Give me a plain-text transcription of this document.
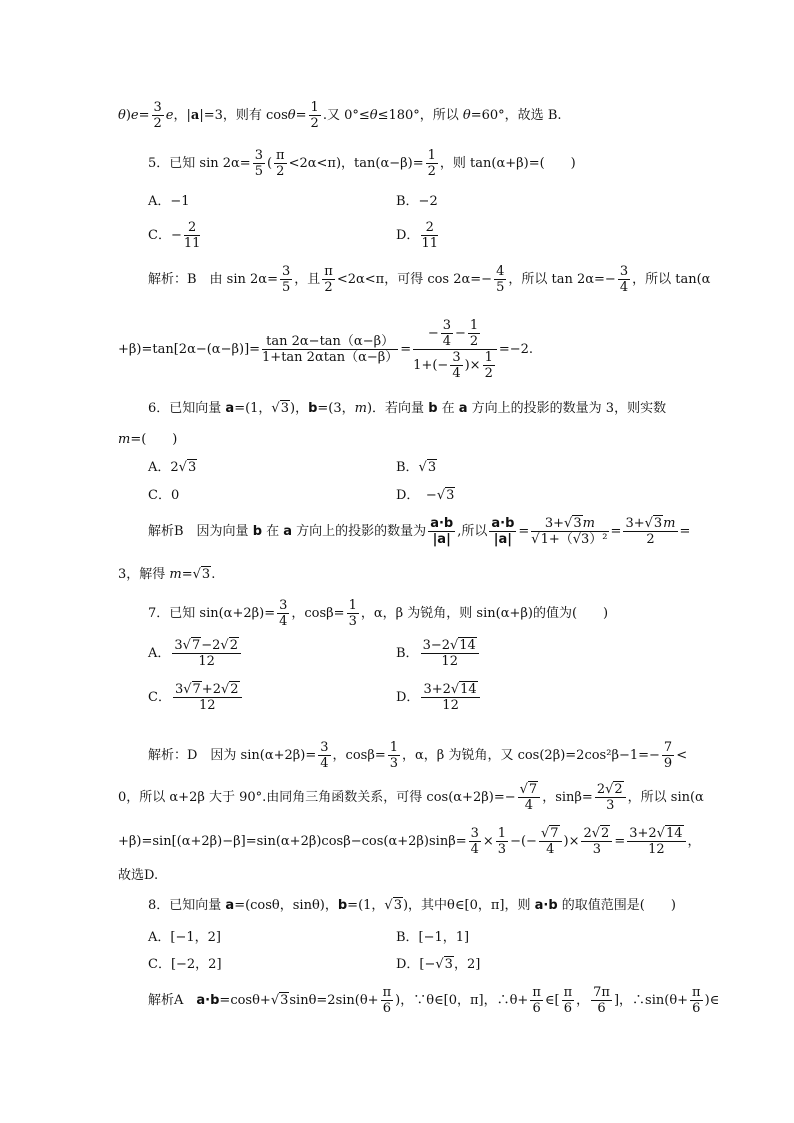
$\theta)e= \frac{3}{2}$ e，|a|=3，则有 $\cos\theta= \frac{1}{2}$ .又 0°≤θ≤180°，所以 θ=60°，故选 B.
5．已知 $\sin 2\alpha= \frac{3}{5}$ ( $\frac{\pi}{2} <2\alpha<\pi$)，$\tan(\alpha-\beta)= \frac{1}{2}$ ，则 tan(α+β)=(　　)
A．−1	B．−2
C．− $\frac{2}{11}$	D． $\frac{2}{11}$
解析：B　由 $\sin 2\alpha= \frac{3}{5}$ ，且 $\frac{\pi}{2} <2\alpha<\pi$，可得 $\cos 2\alpha=- \frac{4}{5}$ ，所以 $\tan 2\alpha=- \frac{3}{4}$ ，所以 tan(α
$+\beta)=\tan[2\alpha-(\alpha-\beta)]= \frac{\tan 2\alpha-\tan(\alpha-\beta)}{1+\tan 2\alpha\tan(\alpha-\beta)} = \frac{- \frac{3}{4} - \frac{1}{2}}{1+(- \frac{3}{4} )\times \frac{1}{2}} =-2$.
6．已知向量 a=(1，√3)，b=(3，m)．若向量 b 在 a 方向上的投影的数量为 3，则实数
m=(　　)
A．2√3	B．√3
C．0	D．　−√3
解析B　因为向量 b 在 a 方向上的投影的数量为 $\frac{a\cdot b}{|a|}$ ,所以 $\frac{a\cdot b}{|a|} = \frac{3+√3m}{\text{√1+（√3）²}} = \frac{3+√3m}{2}$ =
3，解得 m=√3.
7．已知 $\sin(\alpha+2\beta)= \frac{3}{4}$ ，$\cos\beta= \frac{1}{3}$ ，α，β 为锐角，则 sin(α+β)的值为(　　)
A． $\frac{3√7-2√2}{12}$	B． $\frac{3-2√14}{12}$
C． $\frac{3√7+2√2}{12}$	D． $\frac{3+2√14}{12}$
解析：D　因为 $\sin(\alpha+2\beta)= \frac{3}{4}$ ，$\cos\beta= \frac{1}{3}$ ，α，β 为锐角，又 $\cos(2\beta)=2\cos^2\beta-1=- \frac{7}{9}$ <
0，所以 α+2β 大于 90°.由同角三角函数关系，可得 $\cos(\alpha+2\beta)=- \frac{√7}{4}$ ，$\sin\beta= \frac{2√2}{3}$ ，所以 sin(α
$+\beta)=\sin[(\alpha+2\beta)-\beta]=\sin(\alpha+2\beta)\cos\beta-\cos(\alpha+2\beta)\sin\beta= \frac{3}{4} \times \frac{1}{3}$ −(− $\frac{√7}{4}$ )× $\frac{2√2}{3} = \frac{3+2√14}{12}$ ，
故选D.
8．已知向量 a=(cosθ，sinθ)，b=(1，√3)，其中θ∈[0，π]，则 a·b 的取值范围是(　　)
A．[−1，2]	B．[−1，1]
C．[−2，2]	D．[−√3，2]
解析A　$a\cdot b=\cos\theta+√3\sin\theta=2\sin(\theta+ \frac{\pi}{6}$ )，∵θ∈[0，π]，∴θ+ $\frac{\pi}{6}$ ∈[ $\frac{\pi}{6}$ ， $\frac{7\pi}{6}$ ]，∴sin(θ+ $\frac{\pi}{6}$ )∈
